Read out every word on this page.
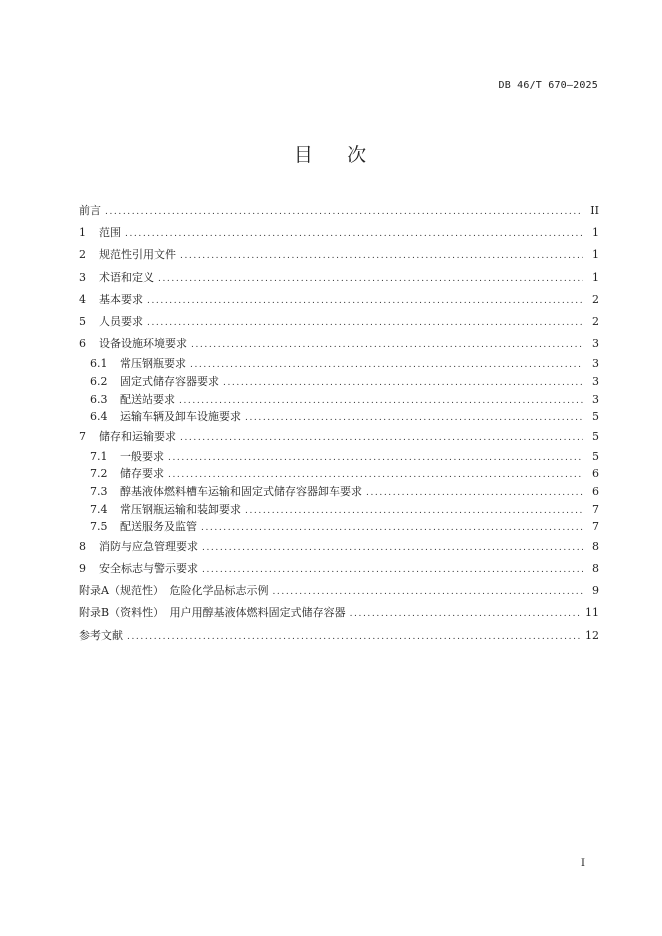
DB 46/T 670—2025
目    次
前言 .....	II
1	范围 .....	1
2	规范性引用文件 .....	1
3	术语和定义 .....	1
4	基本要求 .....	2
5	人员要求 .....	2
6	设备设施环境要求 .....	3
6.1	常压钢瓶要求 .....	3
6.2	固定式储存容器要求 .....	3
6.3	配送站要求 .....	3
6.4	运输车辆及卸车设施要求 .....	5
7	储存和运输要求 .....	5
7.1	一般要求 .....	5
7.2	储存要求 .....	6
7.3	醇基液体燃料槽车运输和固定式储存容器卸车要求 .....	6
7.4	常压钢瓶运输和装卸要求 .....	7
7.5	配送服务及监管 .....	7
8	消防与应急管理要求 .....	8
9	安全标志与警示要求 .....	8
附录A（规范性）　危险化学品标志示例 .....	9
附录B（资料性）　用户用醇基液体燃料固定式储存容器 .....	11
参考文献 .....	12
I
